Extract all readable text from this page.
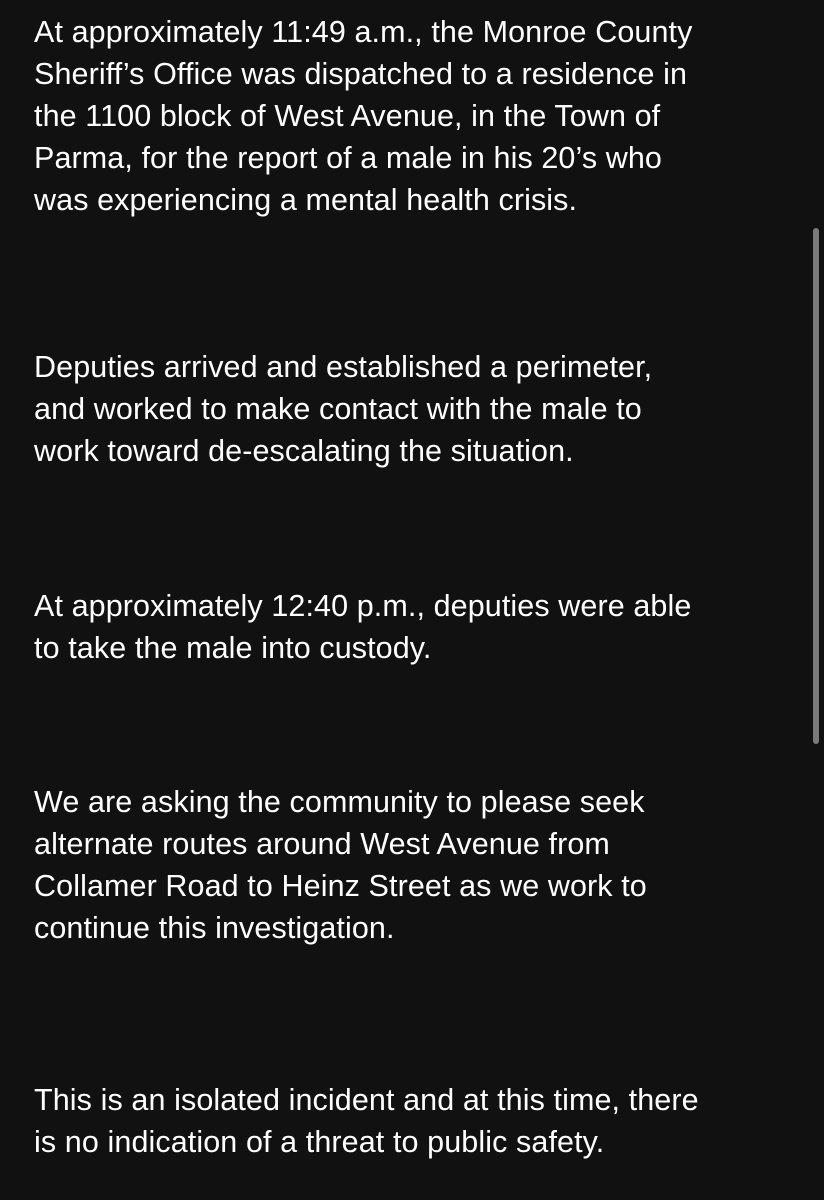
At approximately 11:49 a.m., the Monroe County
Sheriff’s Office was dispatched to a residence in
the 1100 block of West Avenue, in the Town of
Parma, for the report of a male in his 20’s who
was experiencing a mental health crisis.

Deputies arrived and established a perimeter,
and worked to make contact with the male to
work toward de-escalating the situation.

At approximately 12:40 p.m., deputies were able
to take the male into custody.

We are asking the community to please seek
alternate routes around West Avenue from
Collamer Road to Heinz Street as we work to
continue this investigation.

This is an isolated incident and at this time, there
is no indication of a threat to public safety.
